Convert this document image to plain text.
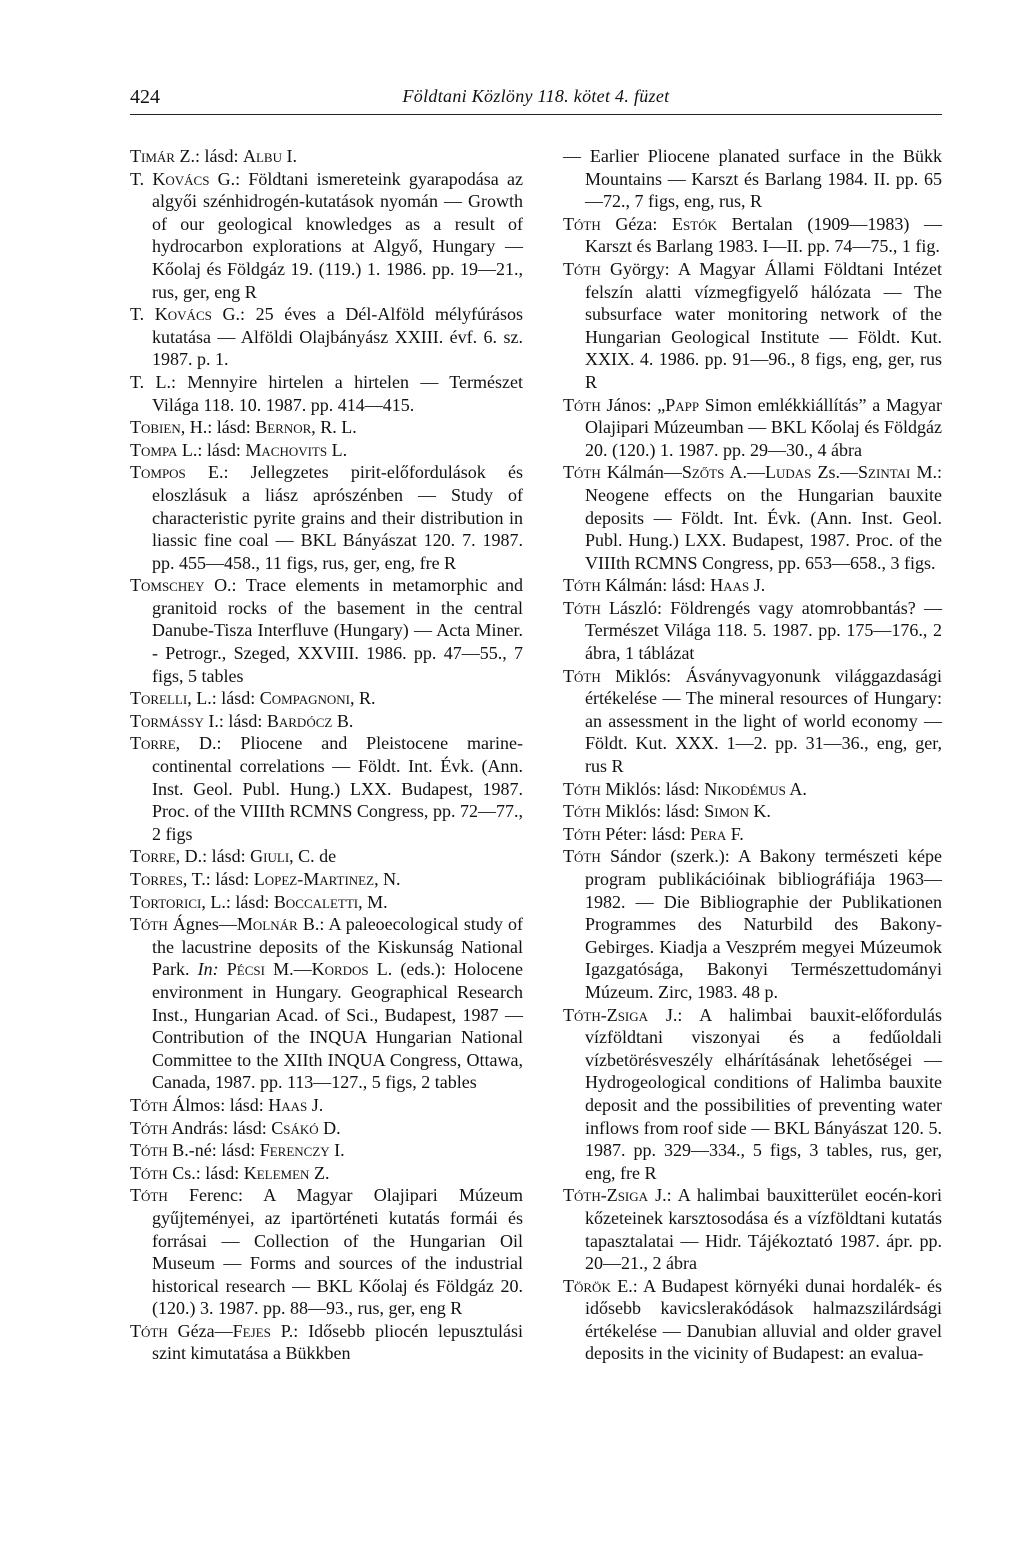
424	Földtani Közlöny 118. kötet 4. füzet

Timár Z.: lásd: Albu I.

T. Kovács G.: Földtani ismereteink gyarapodása az algyői szénhidrogén-kutatások nyomán — Growth of our geological knowledges as a result of hydrocarbon explorations at Algyő, Hungary — Kőolaj és Földgáz 19. (119.) 1. 1986. pp. 19—21., rus, ger, eng R

T. Kovács G.: 25 éves a Dél-Alföld mélyfúrásos kutatása — Alföldi Olajbányász XXIII. évf. 6. sz. 1987. p. 1.

T. L.: Mennyire hirtelen a hirtelen — Természet Világa 118. 10. 1987. pp. 414—415.

Tobien, H.: lásd: Bernor, R. L.

Tompa L.: lásd: Machovits L.

Tompos E.: Jellegzetes pirit-előfordulások és eloszlásuk a liász aprószénben — Study of characteristic pyrite grains and their distribution in liassic fine coal — BKL Bányászat 120. 7. 1987. pp. 455—458., 11 figs, rus, ger, eng, fre R

Tomschey O.: Trace elements in metamorphic and granitoid rocks of the basement in the central Danube-Tisza Interfluve (Hungary) — Acta Miner. - Petrogr., Szeged, XXVIII. 1986. pp. 47—55., 7 figs, 5 tables

Torelli, L.: lásd: Compagnoni, R.

Tormássy I.: lásd: Bardócz B.

Torre, D.: Pliocene and Pleistocene marine-continental correlations — Földt. Int. Évk. (Ann. Inst. Geol. Publ. Hung.) LXX. Budapest, 1987. Proc. of the VIIIth RCMNS Congress, pp. 72—77., 2 figs

Torre, D.: lásd: Giuli, C. de

Torres, T.: lásd: Lopez-Martinez, N.

Tortorici, L.: lásd: Boccaletti, M.

Tóth Ágnes—Molnár B.: A paleoecological study of the lacustrine deposits of the Kiskunság National Park. In: Pécsi M.—Kordos L. (eds.): Holocene environment in Hungary. Geographical Research Inst., Hungarian Acad. of Sci., Budapest, 1987 — Contribution of the INQUA Hungarian National Committee to the XIIth INQUA Congress, Ottawa, Canada, 1987. pp. 113—127., 5 figs, 2 tables

Tóth Álmos: lásd: Haas J.

Tóth András: lásd: Csákó D.

Tóth B.-né: lásd: Ferenczy I.

Tóth Cs.: lásd: Kelemen Z.

Tóth Ferenc: A Magyar Olajipari Múzeum gyűjteményei, az ipartörténeti kutatás formái és forrásai — Collection of the Hungarian Oil Museum — Forms and sources of the industrial historical research — BKL Kőolaj és Földgáz 20. (120.) 3. 1987. pp. 88—93., rus, ger, eng R

Tóth Géza—Fejes P.: Idősebb pliocén lepusztulási szint kimutatása a Bükkben

— Earlier Pliocene planated surface in the Bükk Mountains — Karszt és Barlang 1984. II. pp. 65—72., 7 figs, eng, rus, R

Tóth Géza: Estók Bertalan (1909—1983) — Karszt és Barlang 1983. I—II. pp. 74—75., 1 fig.

Tóth György: A Magyar Állami Földtani Intézet felszín alatti vízmegfigyelő hálózata — The subsurface water monitoring network of the Hungarian Geological Institute — Földt. Kut. XXIX. 4. 1986. pp. 91—96., 8 figs, eng, ger, rus R

Tóth János: „Papp Simon emlékkiállítás” a Magyar Olajipari Múzeumban — BKL Kőolaj és Földgáz 20. (120.) 1. 1987. pp. 29—30., 4 ábra

Tóth Kálmán—Szőts A.—Ludas Zs.—Szintai M.: Neogene effects on the Hungarian bauxite deposits — Földt. Int. Évk. (Ann. Inst. Geol. Publ. Hung.) LXX. Budapest, 1987. Proc. of the VIIIth RCMNS Congress, pp. 653—658., 3 figs.

Tóth Kálmán: lásd: Haas J.

Tóth László: Földrengés vagy atomrobbantás? — Természet Világa 118. 5. 1987. pp. 175—176., 2 ábra, 1 táblázat

Tóth Miklós: Ásványvagyonunk világgazdasági értékelése — The mineral resources of Hungary: an assessment in the light of world economy — Földt. Kut. XXX. 1—2. pp. 31—36., eng, ger, rus R

Tóth Miklós: lásd: Nikodémus A.

Tóth Miklós: lásd: Simon K.

Tóth Péter: lásd: Pera F.

Tóth Sándor (szerk.): A Bakony természeti képe program publikációinak bibliográfiája 1963—1982. — Die Bibliographie der Publikationen Programmes des Naturbild des Bakony-Gebirges. Kiadja a Veszprém megyei Múzeumok Igazgatósága, Bakonyi Természettudományi Múzeum. Zirc, 1983. 48 p.

Tóth-Zsiga J.: A halimbai bauxit-előfordulás vízföldtani viszonyai és a fedűoldali vízbetörésveszély elhárításának lehetőségei — Hydrogeological conditions of Halimba bauxite deposit and the possibilities of preventing water inflows from roof side — BKL Bányászat 120. 5. 1987. pp. 329—334., 5 figs, 3 tables, rus, ger, eng, fre R

Tóth-Zsiga J.: A halimbai bauxitterület eocén-kori kőzeteinek karsztosodása és a vízföldtani kutatás tapasztalatai — Hidr. Tájékoztató 1987. ápr. pp. 20—21., 2 ábra

Török E.: A Budapest környéki dunai hordalék- és idősebb kavicslerakódások halmazszilárdsági értékelése — Danubian alluvial and older gravel deposits in the vicinity of Budapest: an evalua-
